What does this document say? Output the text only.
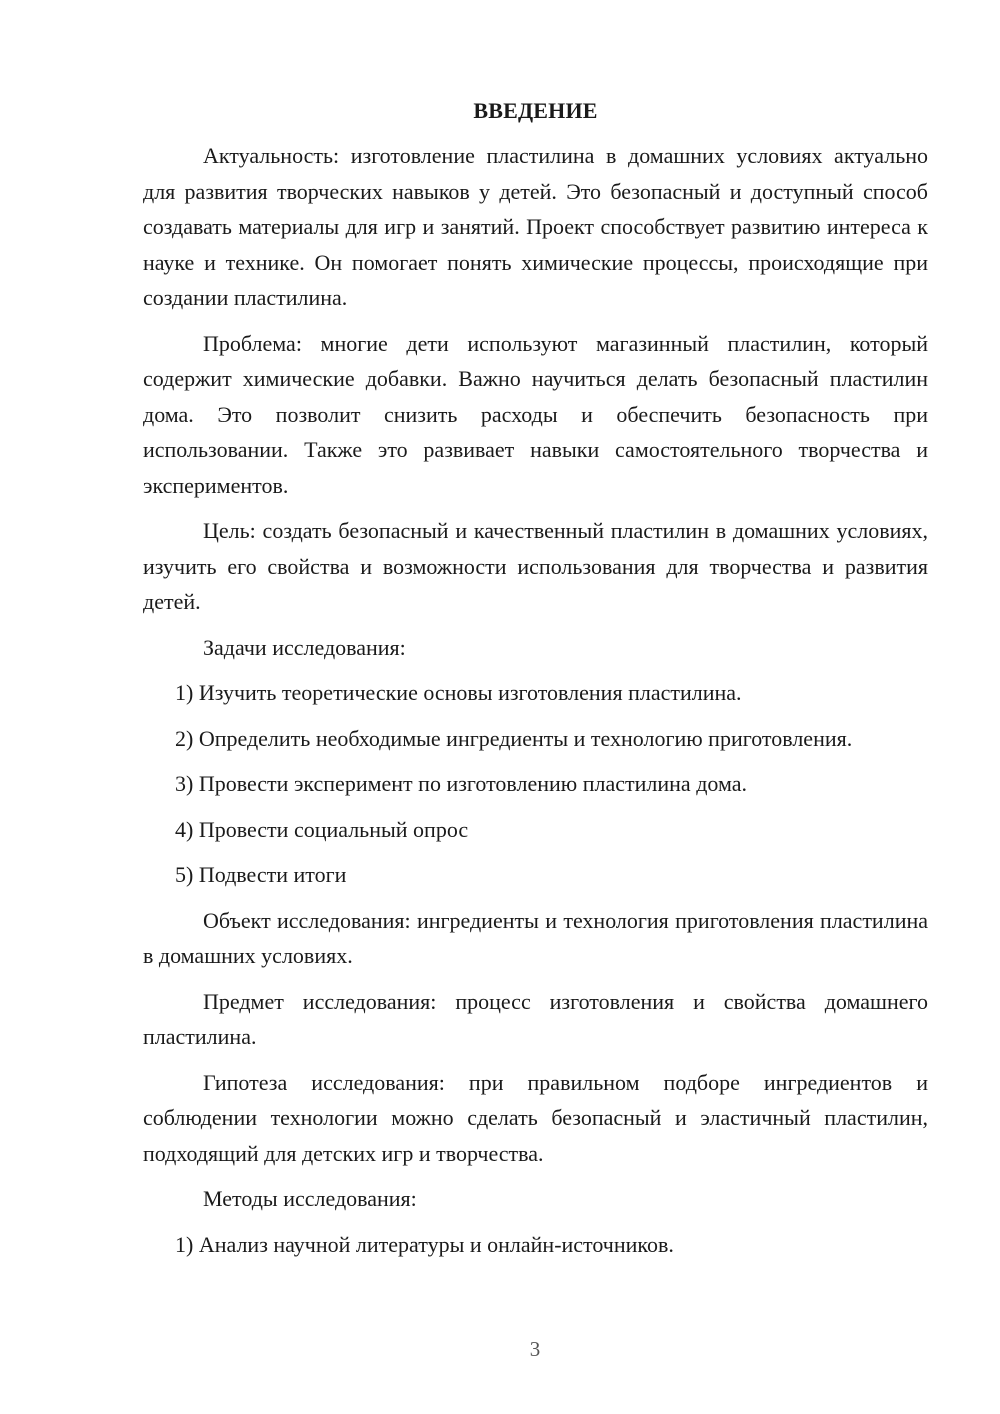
ВВЕДЕНИЕ

Актуальность: изготовление пластилина в домашних условиях актуально для развития творческих навыков у детей. Это безопасный и доступный способ создавать материалы для игр и занятий. Проект способствует развитию интереса к науке и технике. Он помогает понять химические процессы, происходящие при создании пластилина.

Проблема: многие дети используют магазинный пластилин, который содержит химические добавки. Важно научиться делать безопасный пластилин дома. Это позволит снизить расходы и обеспечить безопасность при использовании. Также это развивает навыки самостоятельного творчества и экспериментов.

Цель: создать безопасный и качественный пластилин в домашних условиях, изучить его свойства и возможности использования для творчества и развития детей.

Задачи исследования:

1) Изучить теоретические основы изготовления пластилина.

2) Определить необходимые ингредиенты и технологию приготовления.

3) Провести эксперимент по изготовлению пластилина дома.

4) Провести социальный опрос

5) Подвести итоги

Объект исследования: ингредиенты и технология приготовления пластилина в домашних условиях.

Предмет исследования: процесс изготовления и свойства домашнего пластилина.

Гипотеза исследования: при правильном подборе ингредиентов и соблюдении технологии можно сделать безопасный и эластичный пластилин, подходящий для детских игр и творчества.

Методы исследования:

1) Анализ научной литературы и онлайн-источников.

3
